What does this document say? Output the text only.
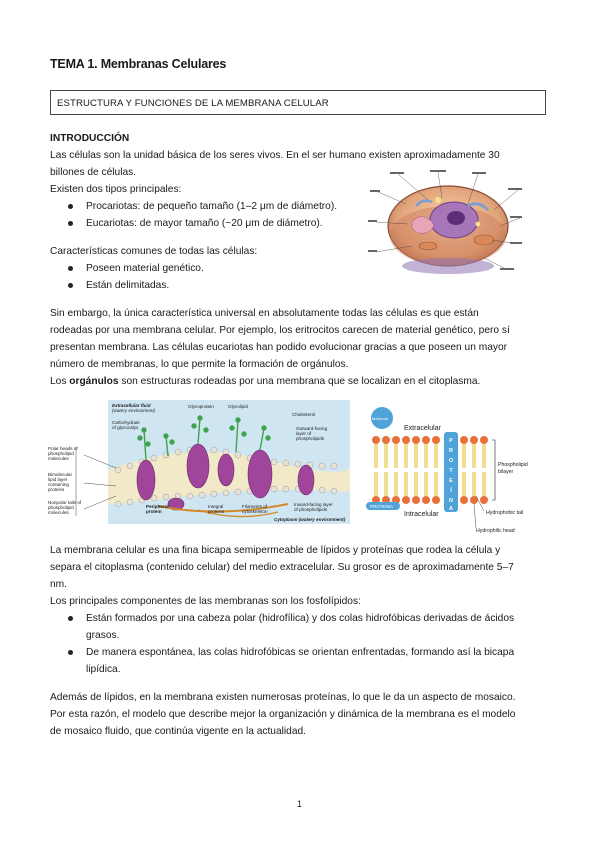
TEMA 1. Membranas Celulares
ESTRUCTURA Y FUNCIONES DE LA MEMBRANA CELULAR
INTRODUCCIÓN
Las células son la unidad básica de los seres vivos. En el ser humano existen aproximadamente 30
billones de células.
Existen dos tipos principales:
Procariotas: de pequeño tamaño (1–2 μm de diámetro).
Eucariotas: de mayor tamaño (~20 μm de diámetro).
Características comunes de todas las células:
Poseen material genético.
Están delimitadas.
Sin embargo, la única característica universal en absolutamente todas las células es que están
rodeadas por una membrana celular. Por ejemplo, los eritrocitos carecen de material genético, pero sí
presentan membrana. Las células eucariotas han podido evolucionar gracias a que poseen un mayor
número de membranas, lo que permite la formación de orgánulos.
Los orgánulos son estructuras rodeadas por una membrana que se localizan en el citoplasma.
Extracellular fluid
(watery environment)
Glycoprotein	Glycolipid
Cholesterol
Carbohydrate
of glycocalyx	Outward-facing
layer of
phospholipids
Polar heads of
phospholipid
molecules
Bimolecular
lipid layer
containing
proteins
Nonpolar tails of
phospholipid
molecules
Peripheral
protein
Integral
proteins
Filaments of
cytoskeleton
Inward-facing layer
of phospholipids
Cytoplasm (watery environment)
Molécula
Extracelular
P
R
O
T
E
Í
N
A
PROTEINA
Intracelular
Phospholipid
bilayer
Hydrophobic tail
Hydrophilic head
La membrana celular es una fina bicapa semipermeable de lípidos y proteínas que rodea la célula y
separa el citoplasma (contenido celular) del medio extracelular. Su grosor es de aproximadamente 5–7
nm.
Los principales componentes de las membranas son los fosfolípidos:
Están formados por una cabeza polar (hidrofílica) y dos colas hidrofóbicas derivadas de ácidos
grasos.
De manera espontánea, las colas hidrofóbicas se orientan enfrentadas, formando así la bicapa
lipídica.
Además de lípidos, en la membrana existen numerosas proteínas, lo que le da un aspecto de mosaico.
Por esta razón, el modelo que describe mejor la organización y dinámica de la membrana es el modelo
de mosaico fluido, que continúa vigente en la actualidad.
1
